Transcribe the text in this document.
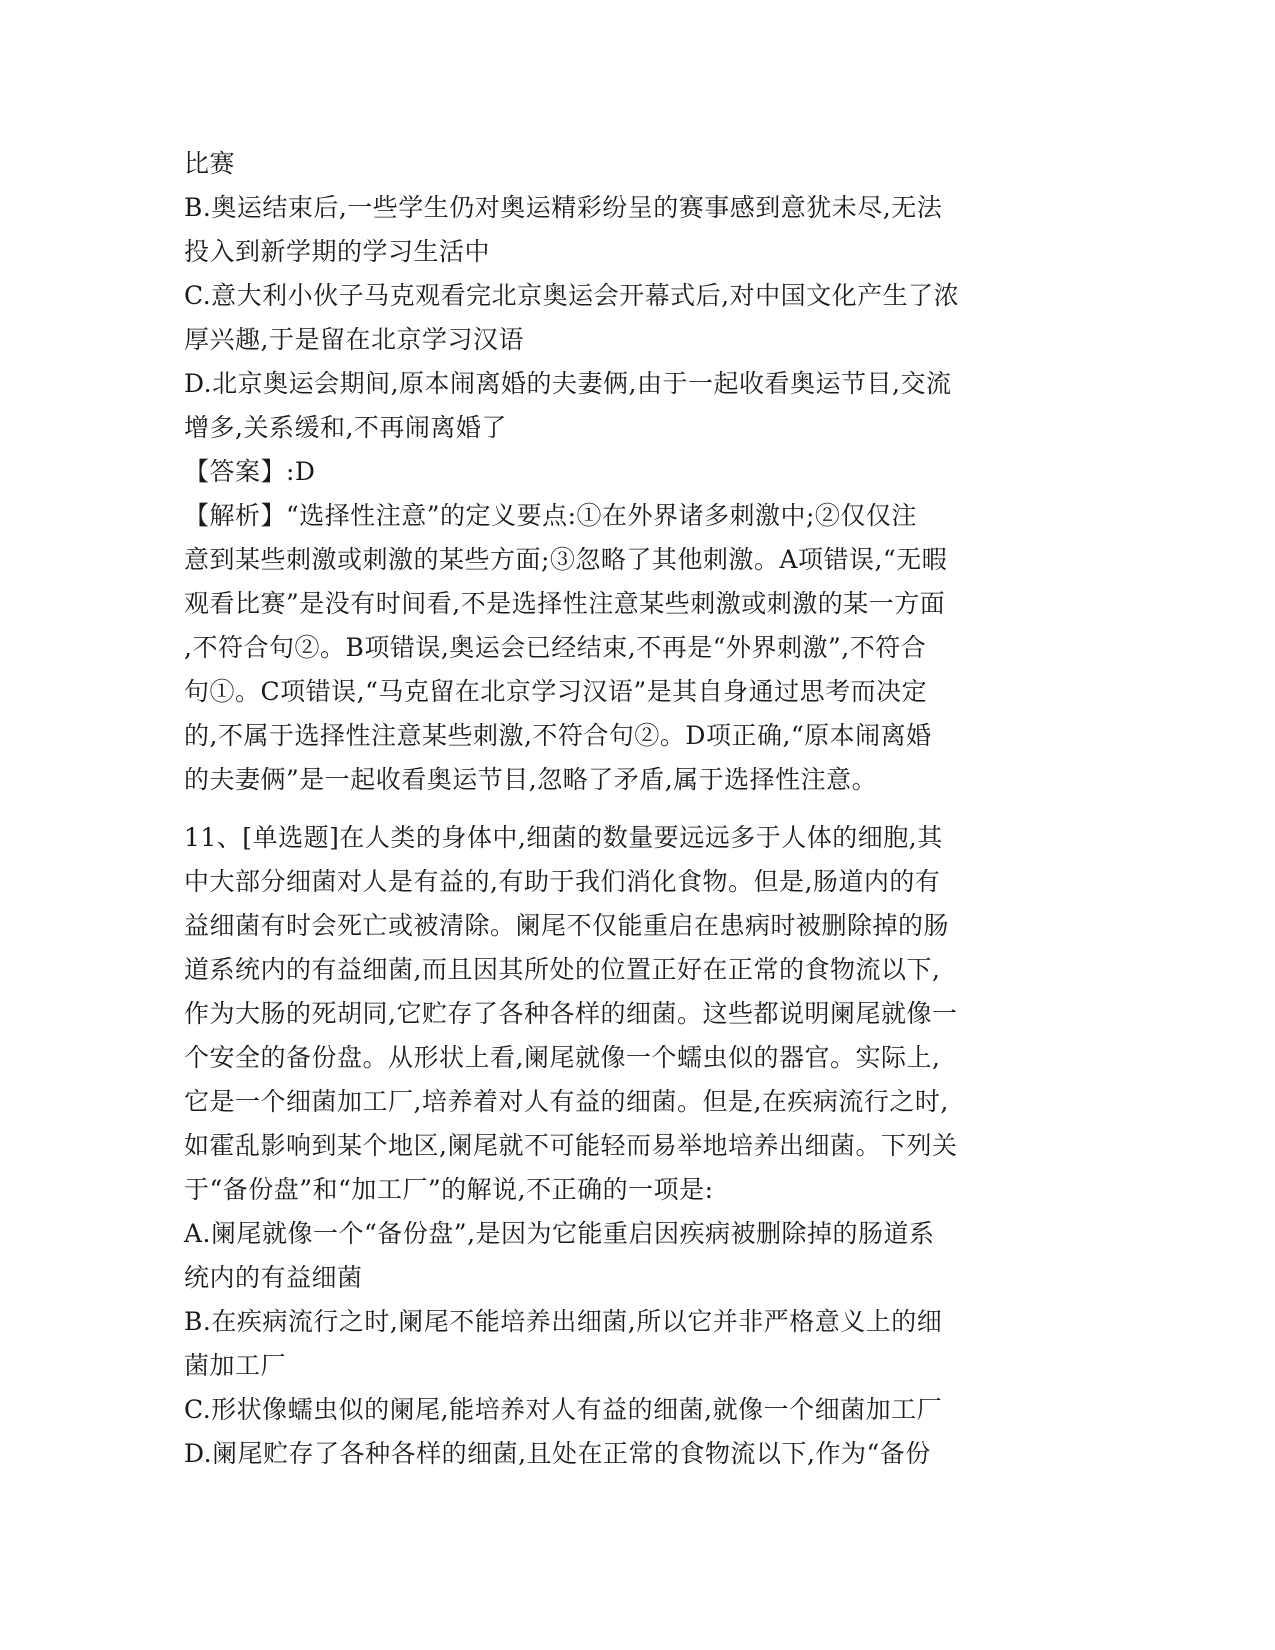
比赛
B.奥运结束后,一些学生仍对奥运精彩纷呈的赛事感到意犹未尽,无法
投入到新学期的学习生活中
C.意大利小伙子马克观看完北京奥运会开幕式后,对中国文化产生了浓
厚兴趣,于是留在北京学习汉语
D.北京奥运会期间,原本闹离婚的夫妻俩,由于一起收看奥运节目,交流
增多,关系缓和,不再闹离婚了
【答案】:D
【解析】“选择性注意”的定义要点:①在外界诸多刺激中;②仅仅注
意到某些刺激或刺激的某些方面;③忽略了其他刺激。A项错误,“无暇
观看比赛”是没有时间看,不是选择性注意某些刺激或刺激的某一方面
,不符合句②。B项错误,奥运会已经结束,不再是“外界刺激”,不符合
句①。C项错误,“马克留在北京学习汉语”是其自身通过思考而决定
的,不属于选择性注意某些刺激,不符合句②。D项正确,“原本闹离婚
的夫妻俩”是一起收看奥运节目,忽略了矛盾,属于选择性注意。
11、[单选题]在人类的身体中,细菌的数量要远远多于人体的细胞,其
中大部分细菌对人是有益的,有助于我们消化食物。但是,肠道内的有
益细菌有时会死亡或被清除。阑尾不仅能重启在患病时被删除掉的肠
道系统内的有益细菌,而且因其所处的位置正好在正常的食物流以下,
作为大肠的死胡同,它贮存了各种各样的细菌。这些都说明阑尾就像一
个安全的备份盘。从形状上看,阑尾就像一个蠕虫似的器官。实际上,
它是一个细菌加工厂,培养着对人有益的细菌。但是,在疾病流行之时,
如霍乱影响到某个地区,阑尾就不可能轻而易举地培养出细菌。下列关
于“备份盘”和“加工厂”的解说,不正确的一项是:
A.阑尾就像一个“备份盘”,是因为它能重启因疾病被删除掉的肠道系
统内的有益细菌
B.在疾病流行之时,阑尾不能培养出细菌,所以它并非严格意义上的细
菌加工厂
C.形状像蠕虫似的阑尾,能培养对人有益的细菌,就像一个细菌加工厂
D.阑尾贮存了各种各样的细菌,且处在正常的食物流以下,作为“备份
